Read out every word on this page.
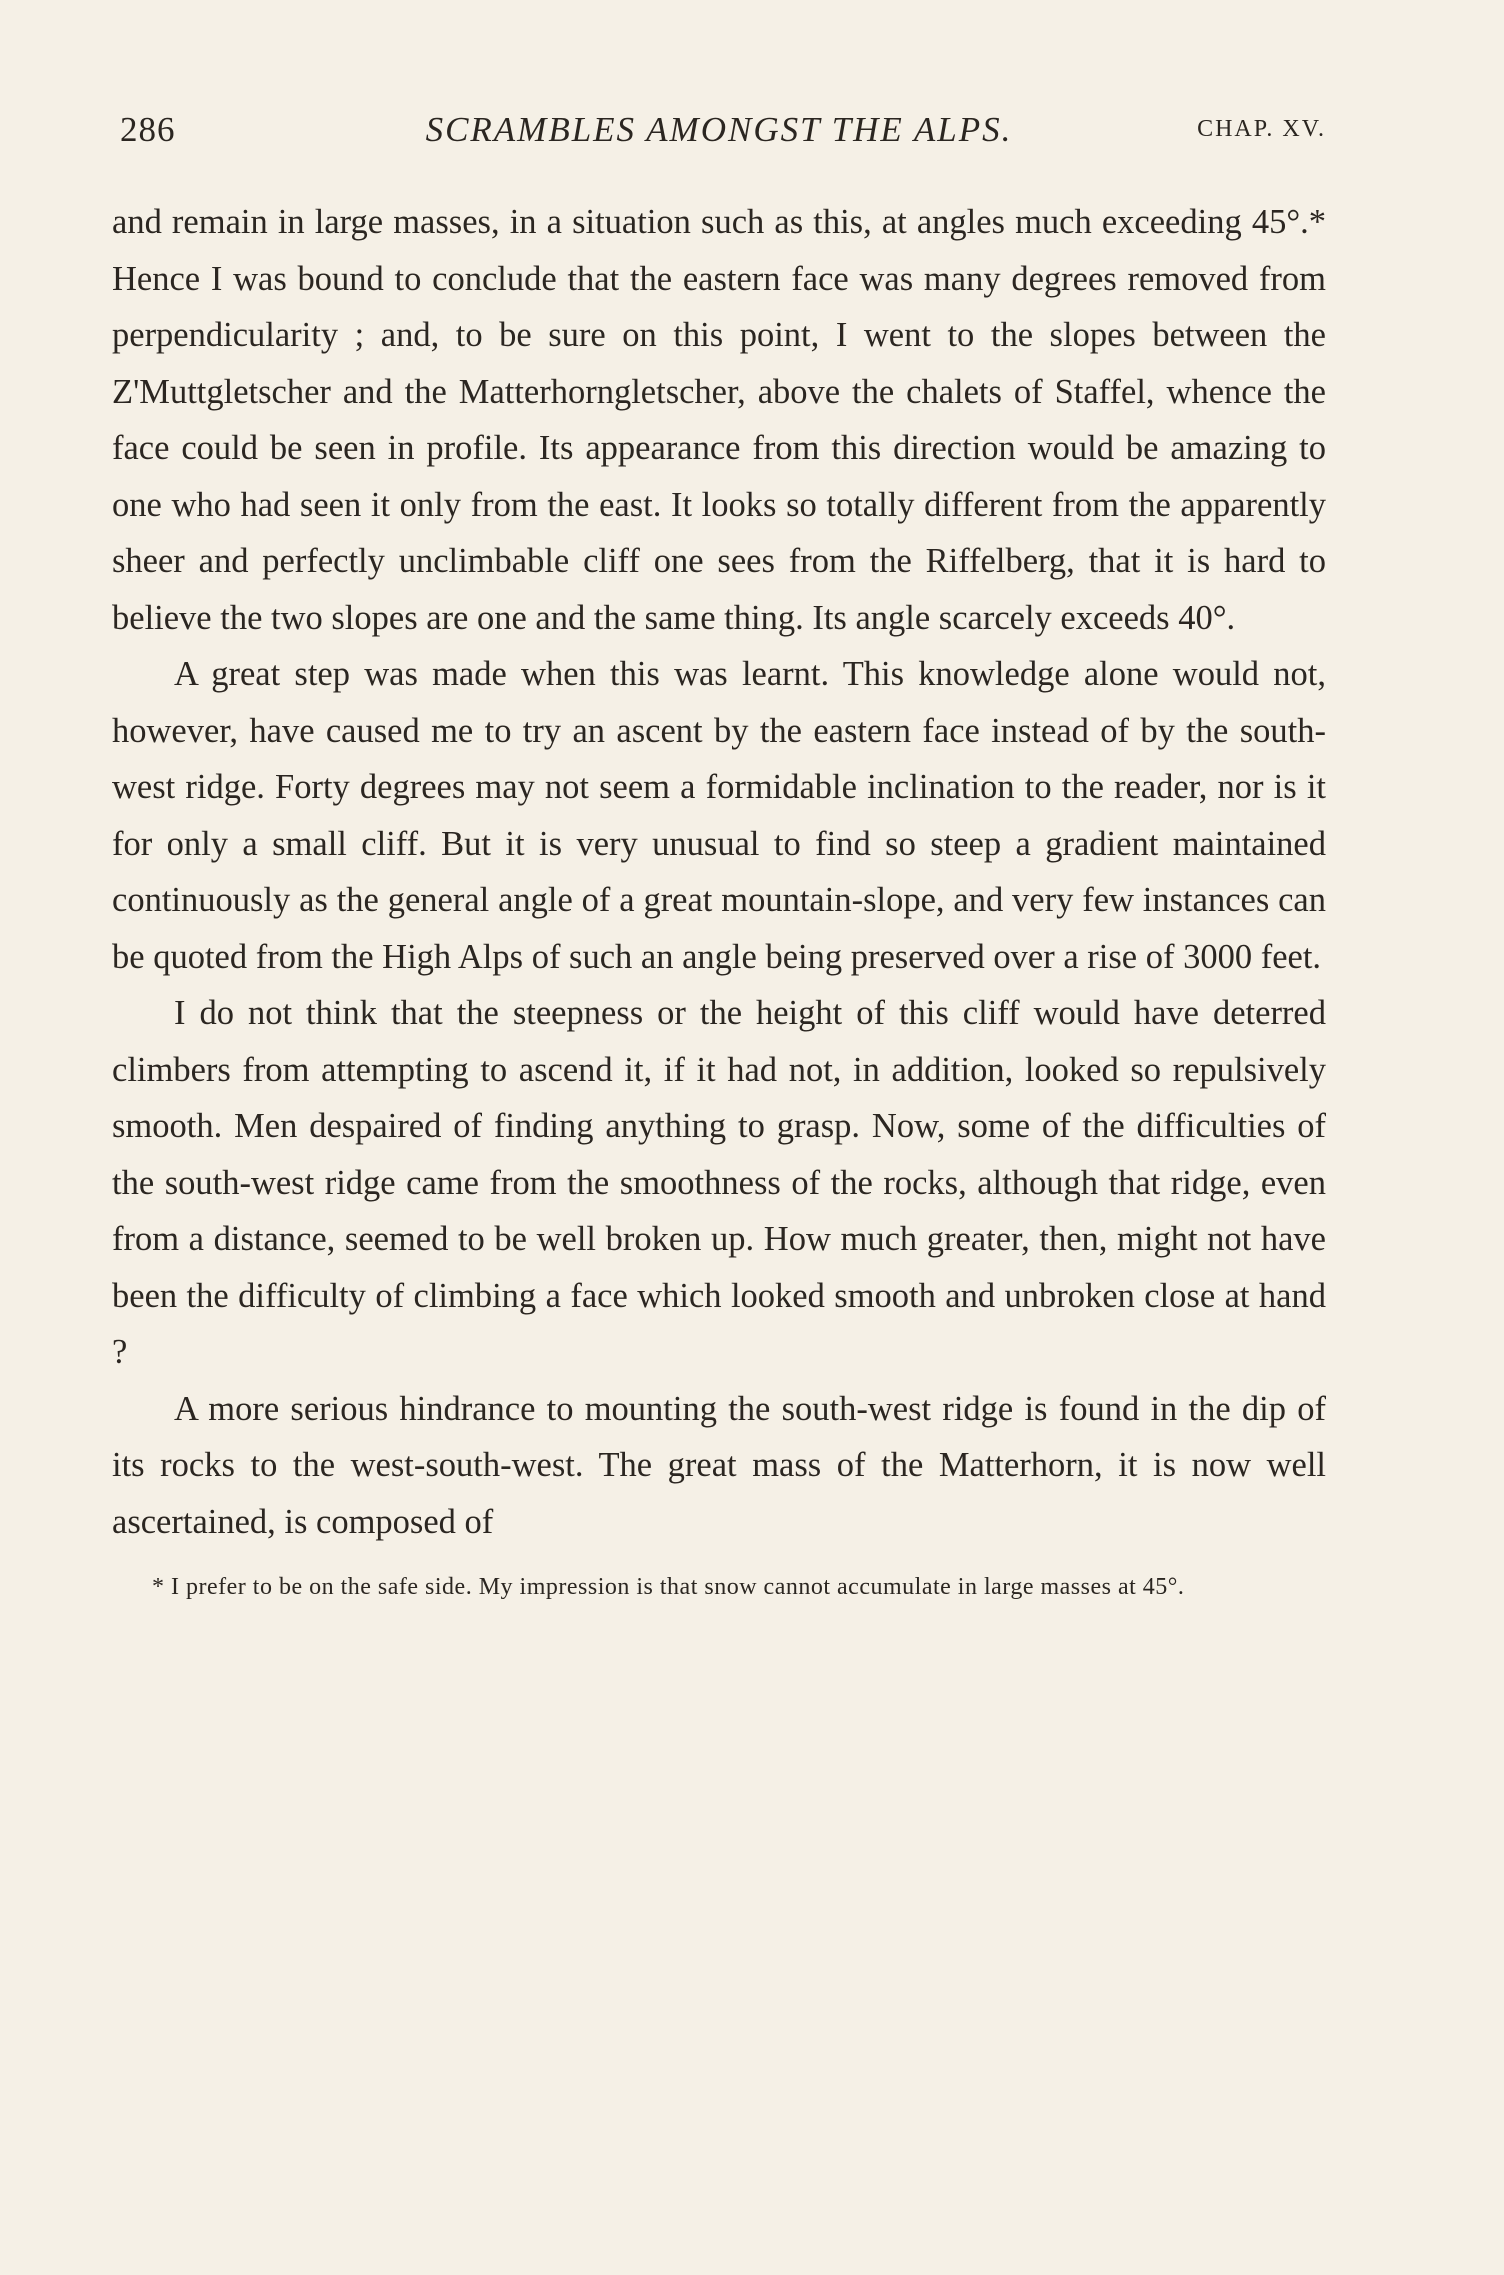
286	SCRAMBLES AMONGST THE ALPS.	CHAP. XV.

and remain in large masses, in a situation such as this, at angles much exceeding 45°.* Hence I was bound to conclude that the eastern face was many degrees removed from perpendicularity ; and, to be sure on this point, I went to the slopes between the Z'Muttgletscher and the Matterhorngletscher, above the chalets of Staffel, whence the face could be seen in profile. Its appearance from this direction would be amazing to one who had seen it only from the east. It looks so totally different from the apparently sheer and perfectly unclimbable cliff one sees from the Riffelberg, that it is hard to believe the two slopes are one and the same thing. Its angle scarcely exceeds 40°.

A great step was made when this was learnt. This knowledge alone would not, however, have caused me to try an ascent by the eastern face instead of by the south-west ridge. Forty degrees may not seem a formidable inclination to the reader, nor is it for only a small cliff. But it is very unusual to find so steep a gradient maintained continuously as the general angle of a great mountain-slope, and very few instances can be quoted from the High Alps of such an angle being preserved over a rise of 3000 feet.

I do not think that the steepness or the height of this cliff would have deterred climbers from attempting to ascend it, if it had not, in addition, looked so repulsively smooth. Men despaired of finding anything to grasp. Now, some of the difficulties of the south-west ridge came from the smoothness of the rocks, although that ridge, even from a distance, seemed to be well broken up. How much greater, then, might not have been the difficulty of climbing a face which looked smooth and unbroken close at hand ?

A more serious hindrance to mounting the south-west ridge is found in the dip of its rocks to the west-south-west. The great mass of the Matterhorn, it is now well ascertained, is composed of

* I prefer to be on the safe side. My impression is that snow cannot accumulate in large masses at 45°.
